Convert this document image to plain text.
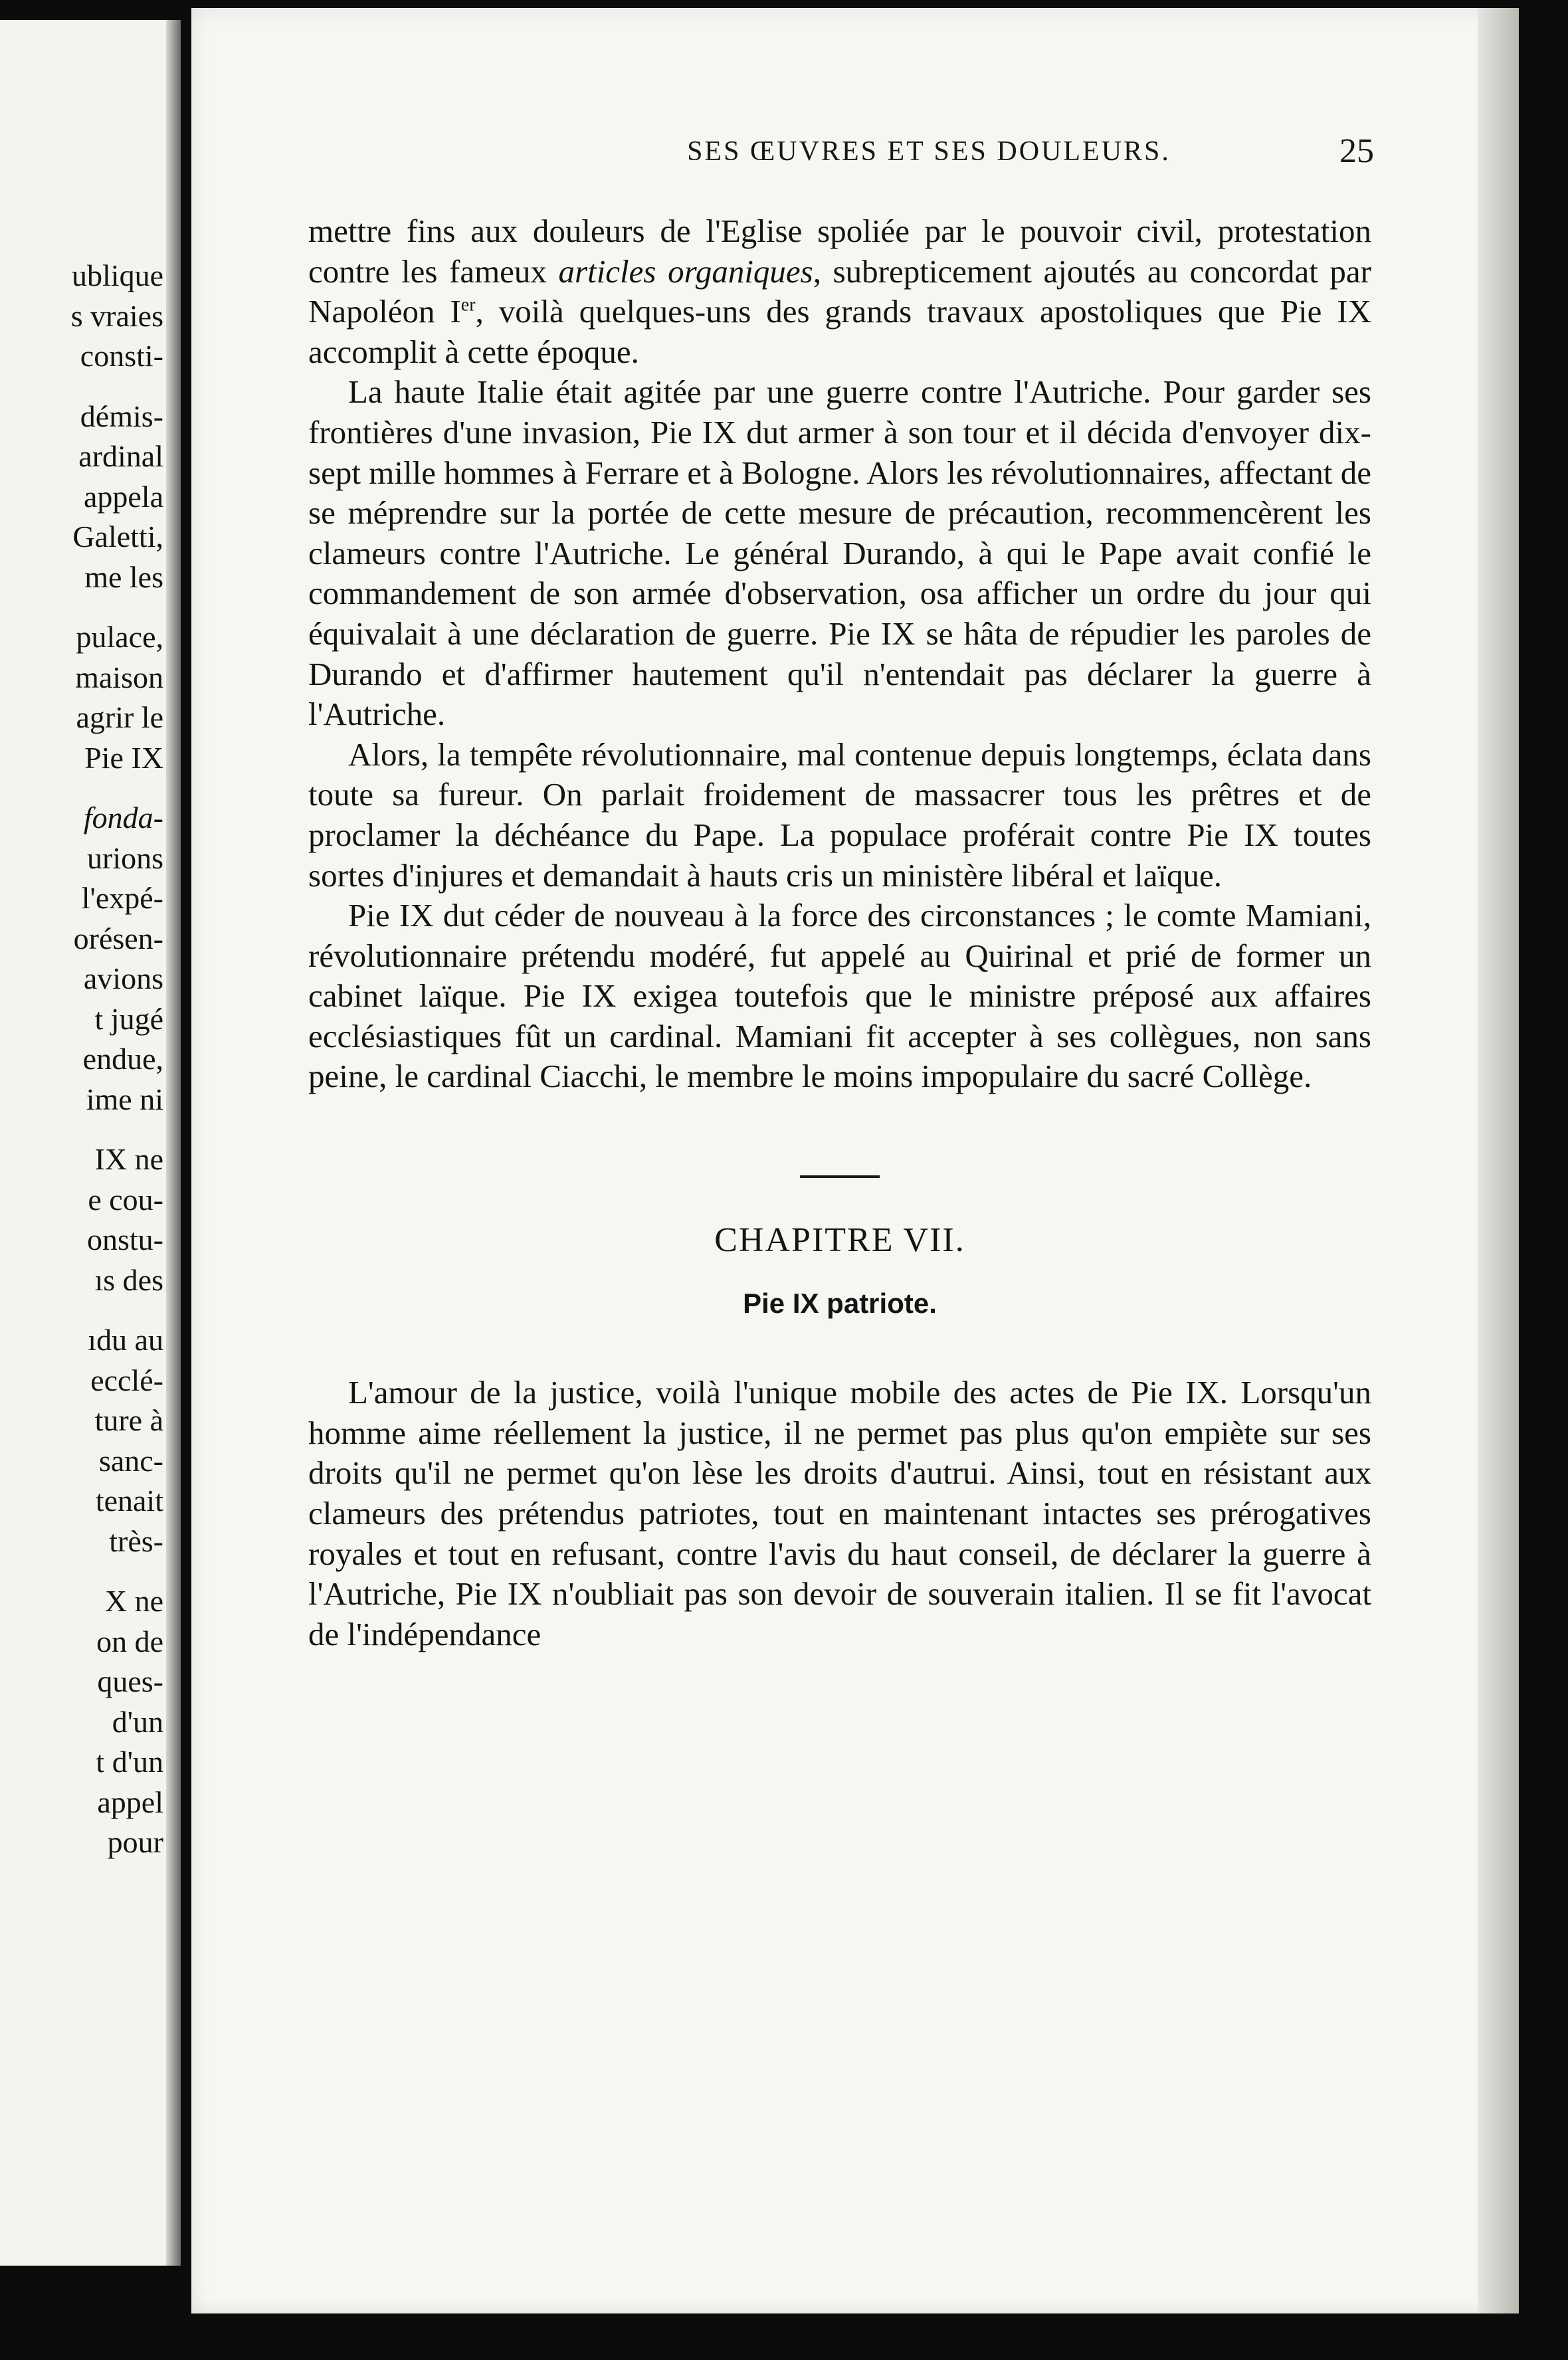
ublique
s vraies
consti-
démis-
ardinal
appela
Galetti,
me les
pulace,
maison
agrir le
Pie IX
fonda-
urions
l'expé-
orésen-
avions
t jugé
endue,
ime ni
IX ne
e cou-
onstu-
ıs des
ıdu au
ecclé-
ture à
sanc-
tenait
très-
X ne
on de
ques-
d'un
t d'un
appel
pour
SES ŒUVRES ET SES DOULEURS.	25

mettre fins aux douleurs de l'Eglise spoliée par le pouvoir civil, protestation contre les fameux articles organiques, subrepticement ajoutés au concordat par Napoléon Ier, voilà quelques-uns des grands travaux apostoliques que Pie IX accomplit à cette époque.

La haute Italie était agitée par une guerre contre l'Autriche. Pour garder ses frontières d'une invasion, Pie IX dut armer à son tour et il décida d'envoyer dix-sept mille hommes à Ferrare et à Bologne. Alors les révolutionnaires, affectant de se méprendre sur la portée de cette mesure de précaution, recommencèrent les clameurs contre l'Autriche. Le général Durando, à qui le Pape avait confié le commandement de son armée d'observation, osa afficher un ordre du jour qui équivalait à une déclaration de guerre. Pie IX se hâta de répudier les paroles de Durando et d'affirmer hautement qu'il n'entendait pas déclarer la guerre à l'Autriche.

Alors, la tempête révolutionnaire, mal contenue depuis longtemps, éclata dans toute sa fureur. On parlait froidement de massacrer tous les prêtres et de proclamer la déchéance du Pape. La populace proférait contre Pie IX toutes sortes d'injures et demandait à hauts cris un ministère libéral et laïque.

Pie IX dut céder de nouveau à la force des circonstances ; le comte Mamiani, révolutionnaire prétendu modéré, fut appelé au Quirinal et prié de former un cabinet laïque. Pie IX exigea toutefois que le ministre préposé aux affaires ecclésiastiques fût un cardinal. Mamiani fit accepter à ses collègues, non sans peine, le cardinal Ciacchi, le membre le moins impopulaire du sacré Collège.

CHAPITRE VII.
Pie IX patriote.

L'amour de la justice, voilà l'unique mobile des actes de Pie IX. Lorsqu'un homme aime réellement la justice, il ne permet pas plus qu'on empiète sur ses droits qu'il ne permet qu'on lèse les droits d'autrui. Ainsi, tout en résistant aux clameurs des prétendus patriotes, tout en maintenant intactes ses prérogatives royales et tout en refusant, contre l'avis du haut conseil, de déclarer la guerre à l'Autriche, Pie IX n'oubliait pas son devoir de souverain italien. Il se fit l'avocat de l'indépendance
